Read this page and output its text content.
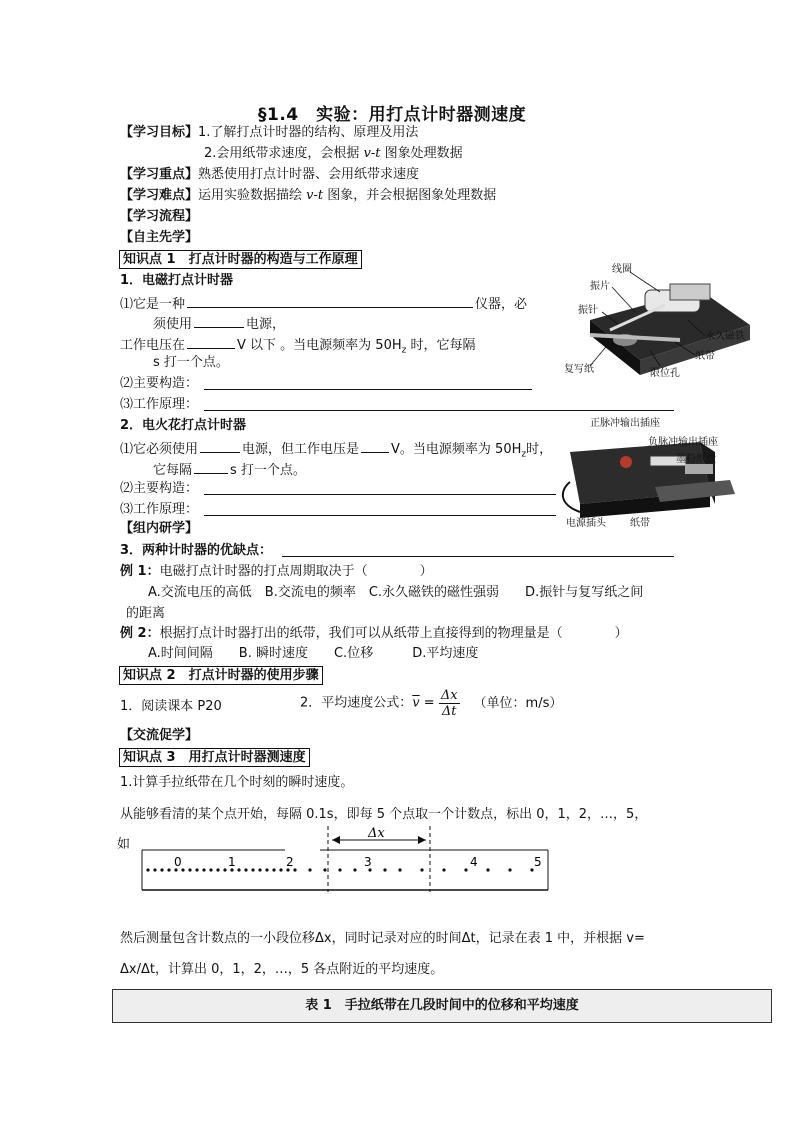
§1.4　实验：用打点计时器测速度
【学习目标】1.了解打点计时器的结构、原理及用法
2.会用纸带求速度，会根据 v-t 图象处理数据
【学习重点】熟悉使用打点计时器、会用纸带求速度
【学习难点】运用实验数据描绘 v-t 图象，并会根据图象处理数据
【学习流程】
【自主先学】
知识点 1　打点计时器的构造与工作原理
1．电磁打点计时器
⑴它是一种	仪器，必
须使用	电源，
工作电压在	V 以下 。当电源频率为 $50H_z$ 时，它每隔
s 打一个点。
⑵主要构造：
⑶工作原理：
线圈
振片
振针
永久磁铁
纸带
复写纸	限位孔
2．电火花打点计时器
⑴它必须使用	电源，但工作电压是 V。当电源频率为 $50H_z$时，
它每隔	s 打一个点。
⑵主要构造：
⑶工作原理：
正脉冲输出插座
负脉冲输出插座
墨粉纸盘
电源插头 纸带
【组内研学】
3．两种计时器的优缺点：
例 1：电磁打点计时器的打点周期取决于（　　　　）
A.交流电压的高低　B.交流电的频率　C.永久磁铁的磁性强弱　　D.振针与复写纸之间
的距离
例 2：根据打点计时器打出的纸带，我们可以从纸带上直接得到的物理量是（　　　　）
A.时间间隔　　B. 瞬时速度　　C.位移　　　D.平均速度
知识点 2　打点计时器的使用步骤
1．阅读课本 P20	2．平均速度公式：$\overline{v} = \frac{\Delta x}{\Delta t}$ （单位：m/s）
【交流促学】
知识点 3　用打点计时器测速度
1.计算手拉纸带在几个时刻的瞬时速度。
从能够看清的某个点开始，每隔 0.1s，即每 5 个点取一个计数点，标出 0，1，2，…，5，
如
Δx
0	1	2	3	4	5
然后测量包含计数点的一小段位移Δx，同时记录对应的时间Δt，记录在表 1 中，并根据 v=
Δx/Δt，计算出 0，1，2，…，5 各点附近的平均速度。
表 1　手拉纸带在几段时间中的位移和平均速度
